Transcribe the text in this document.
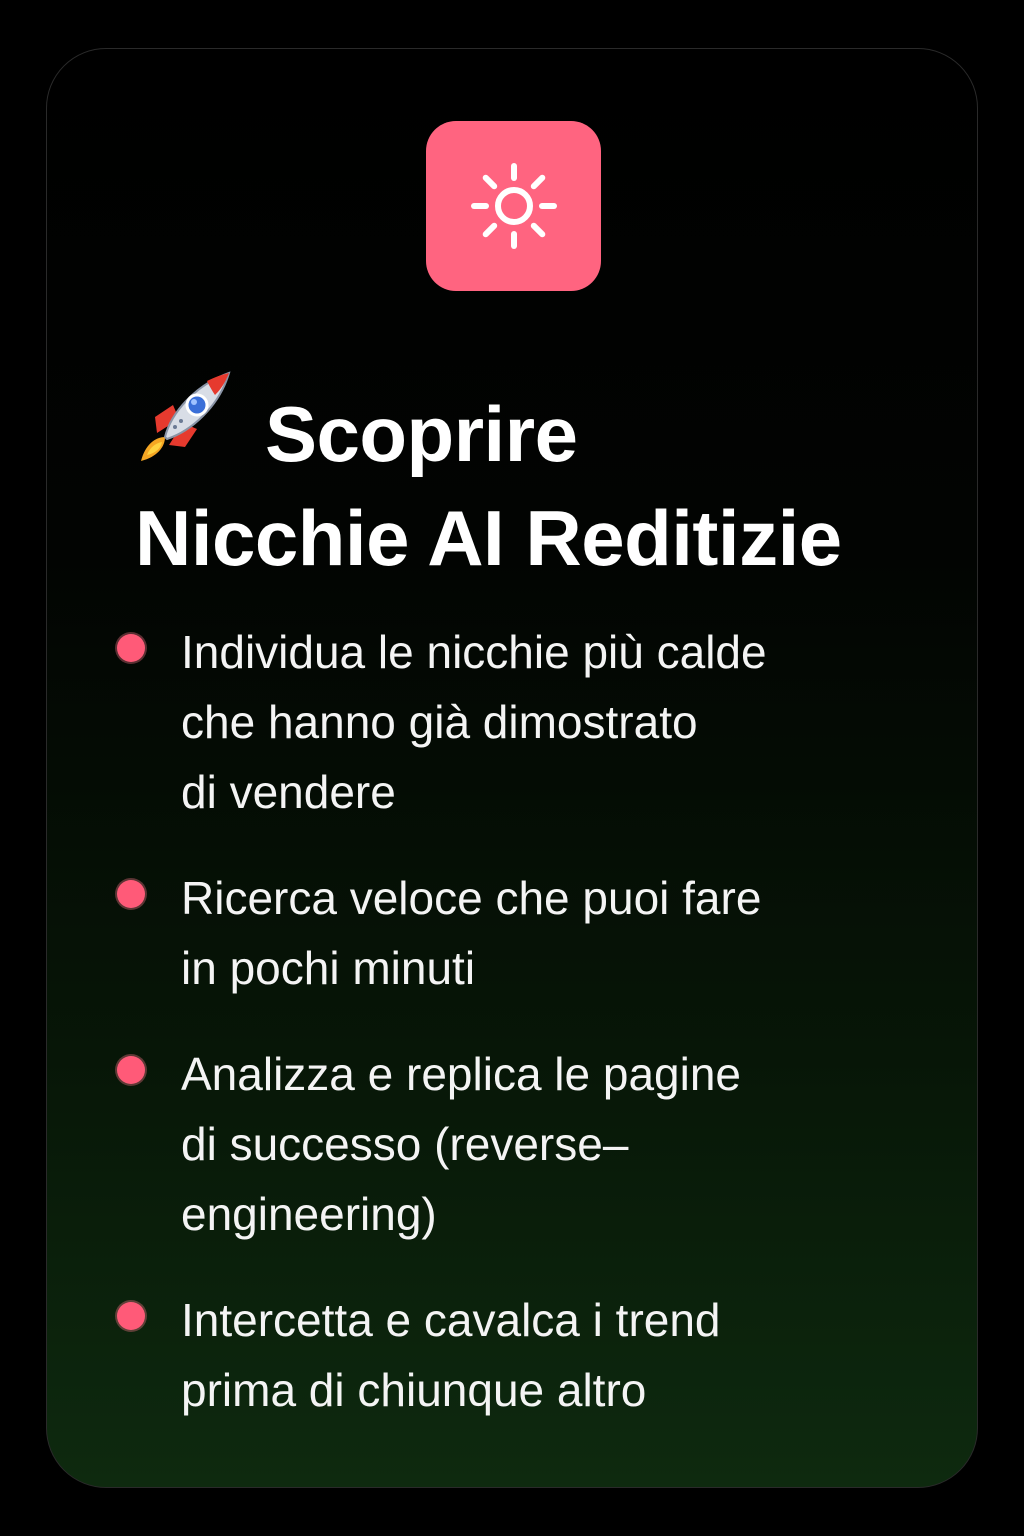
Scoprire
Nicchie AI Reditizie
Individua le nicchie più calde
che hanno già dimostrato
di vendere
Ricerca veloce che puoi fare
in pochi minuti
Analizza e replica le pagine
di successo (reverse–
engineering)
Intercetta e cavalca i trend
prima di chiunque altro
